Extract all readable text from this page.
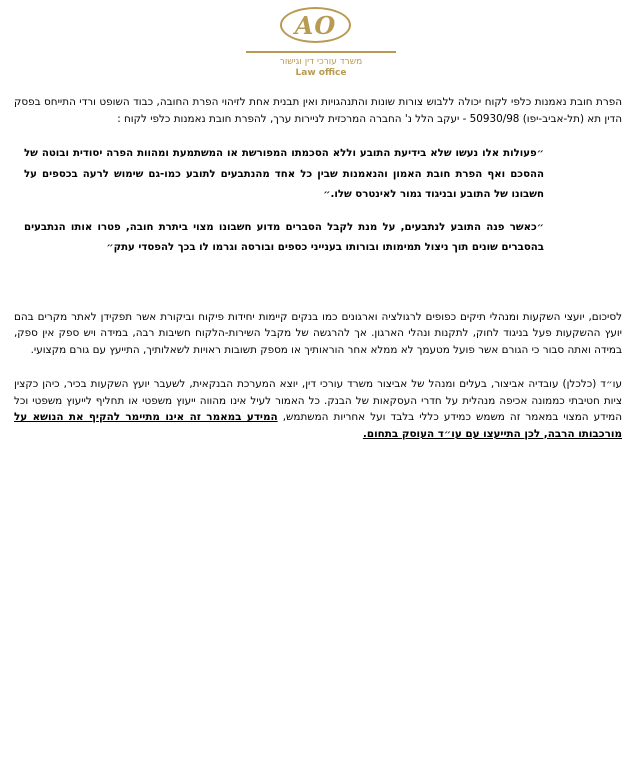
AO
משרד עורכי דין וגישור
Law office

הפרת חובת נאמנות כלפי לקוח יכולה ללבוש צורות שונות והתנהגויות ואין תבנית אחת לזיהוי הפרת החובה, כבוד השופט ורדי התייחס בפסק הדין תא (תל-אביב-יפו) 50930/98 - יעקב הלל נ' החברה המרכזית לניירות ערך, להפרת חובת נאמנות כלפי לקוח :

״פעולות אלו נעשו שלא בידיעת התובע וללא הסכמתו המפורשת או המשתמעת ומהוות הפרה יסודית ובוטה של ההסכם ואף הפרת חובת האמון והנאמנות שבין כל אחד מהנתבעים לתובע כמו-גם שימוש לרעה בכספים על חשבונו של התובע ובניגוד גמור לאינטרס שלו.״

״כאשר פנה התובע לנתבעים, על מנת לקבל הסברים מדוע חשבונו מצוי ביתרת חובה, פטרו אותו הנתבעים בהסברים שונים תוך ניצול תמימותו ובורותו בענייני כספים ובורסה וגרמו לו בכך להפסדי עתק״

לסיכום, יועצי השקעות ומנהלי תיקים כפופים לרגולציה וארגונים כמו בנקים קיימות יחידות פיקוח וביקורת אשר תפקידן לאתר מקרים בהם יועץ ההשקעות פעל בניגוד לחוק, לתקנות ונהלי הארגון. אך להרגשה של מקבל השירות-הלקוח חשיבות רבה, במידה ויש ספק אין ספק, במידה ואתה סבור כי הגורם אשר פועל מטעמך לא ממלא אחר הוראותיך או מספק תשובות ראויות לשאלותיך, התייעץ עם גורם מקצועי.

עו״ד (כלכלן) עובדיה אביצור, בעלים ומנהל של אביצור משרד עורכי דין, יוצא המערכת הבנקאית, לשעבר יועץ השקעות בכיר, כיהן כקצין ציות חטיבתי כממונה אכיפה מנהלית על חדרי העסקאות של הבנק. כל האמור לעיל אינו מהווה ייעוץ משפטי או תחליף לייעוץ משפטי וכל המידע המצוי במאמר זה משמש כמידע כללי בלבד ועל אחריות המשתמש, המידע במאמר זה אינו מתיימר להקיף את הנושא על מורכבותו הרבה, לכן התייעצו עם עו״ד העוסק בתחום.
